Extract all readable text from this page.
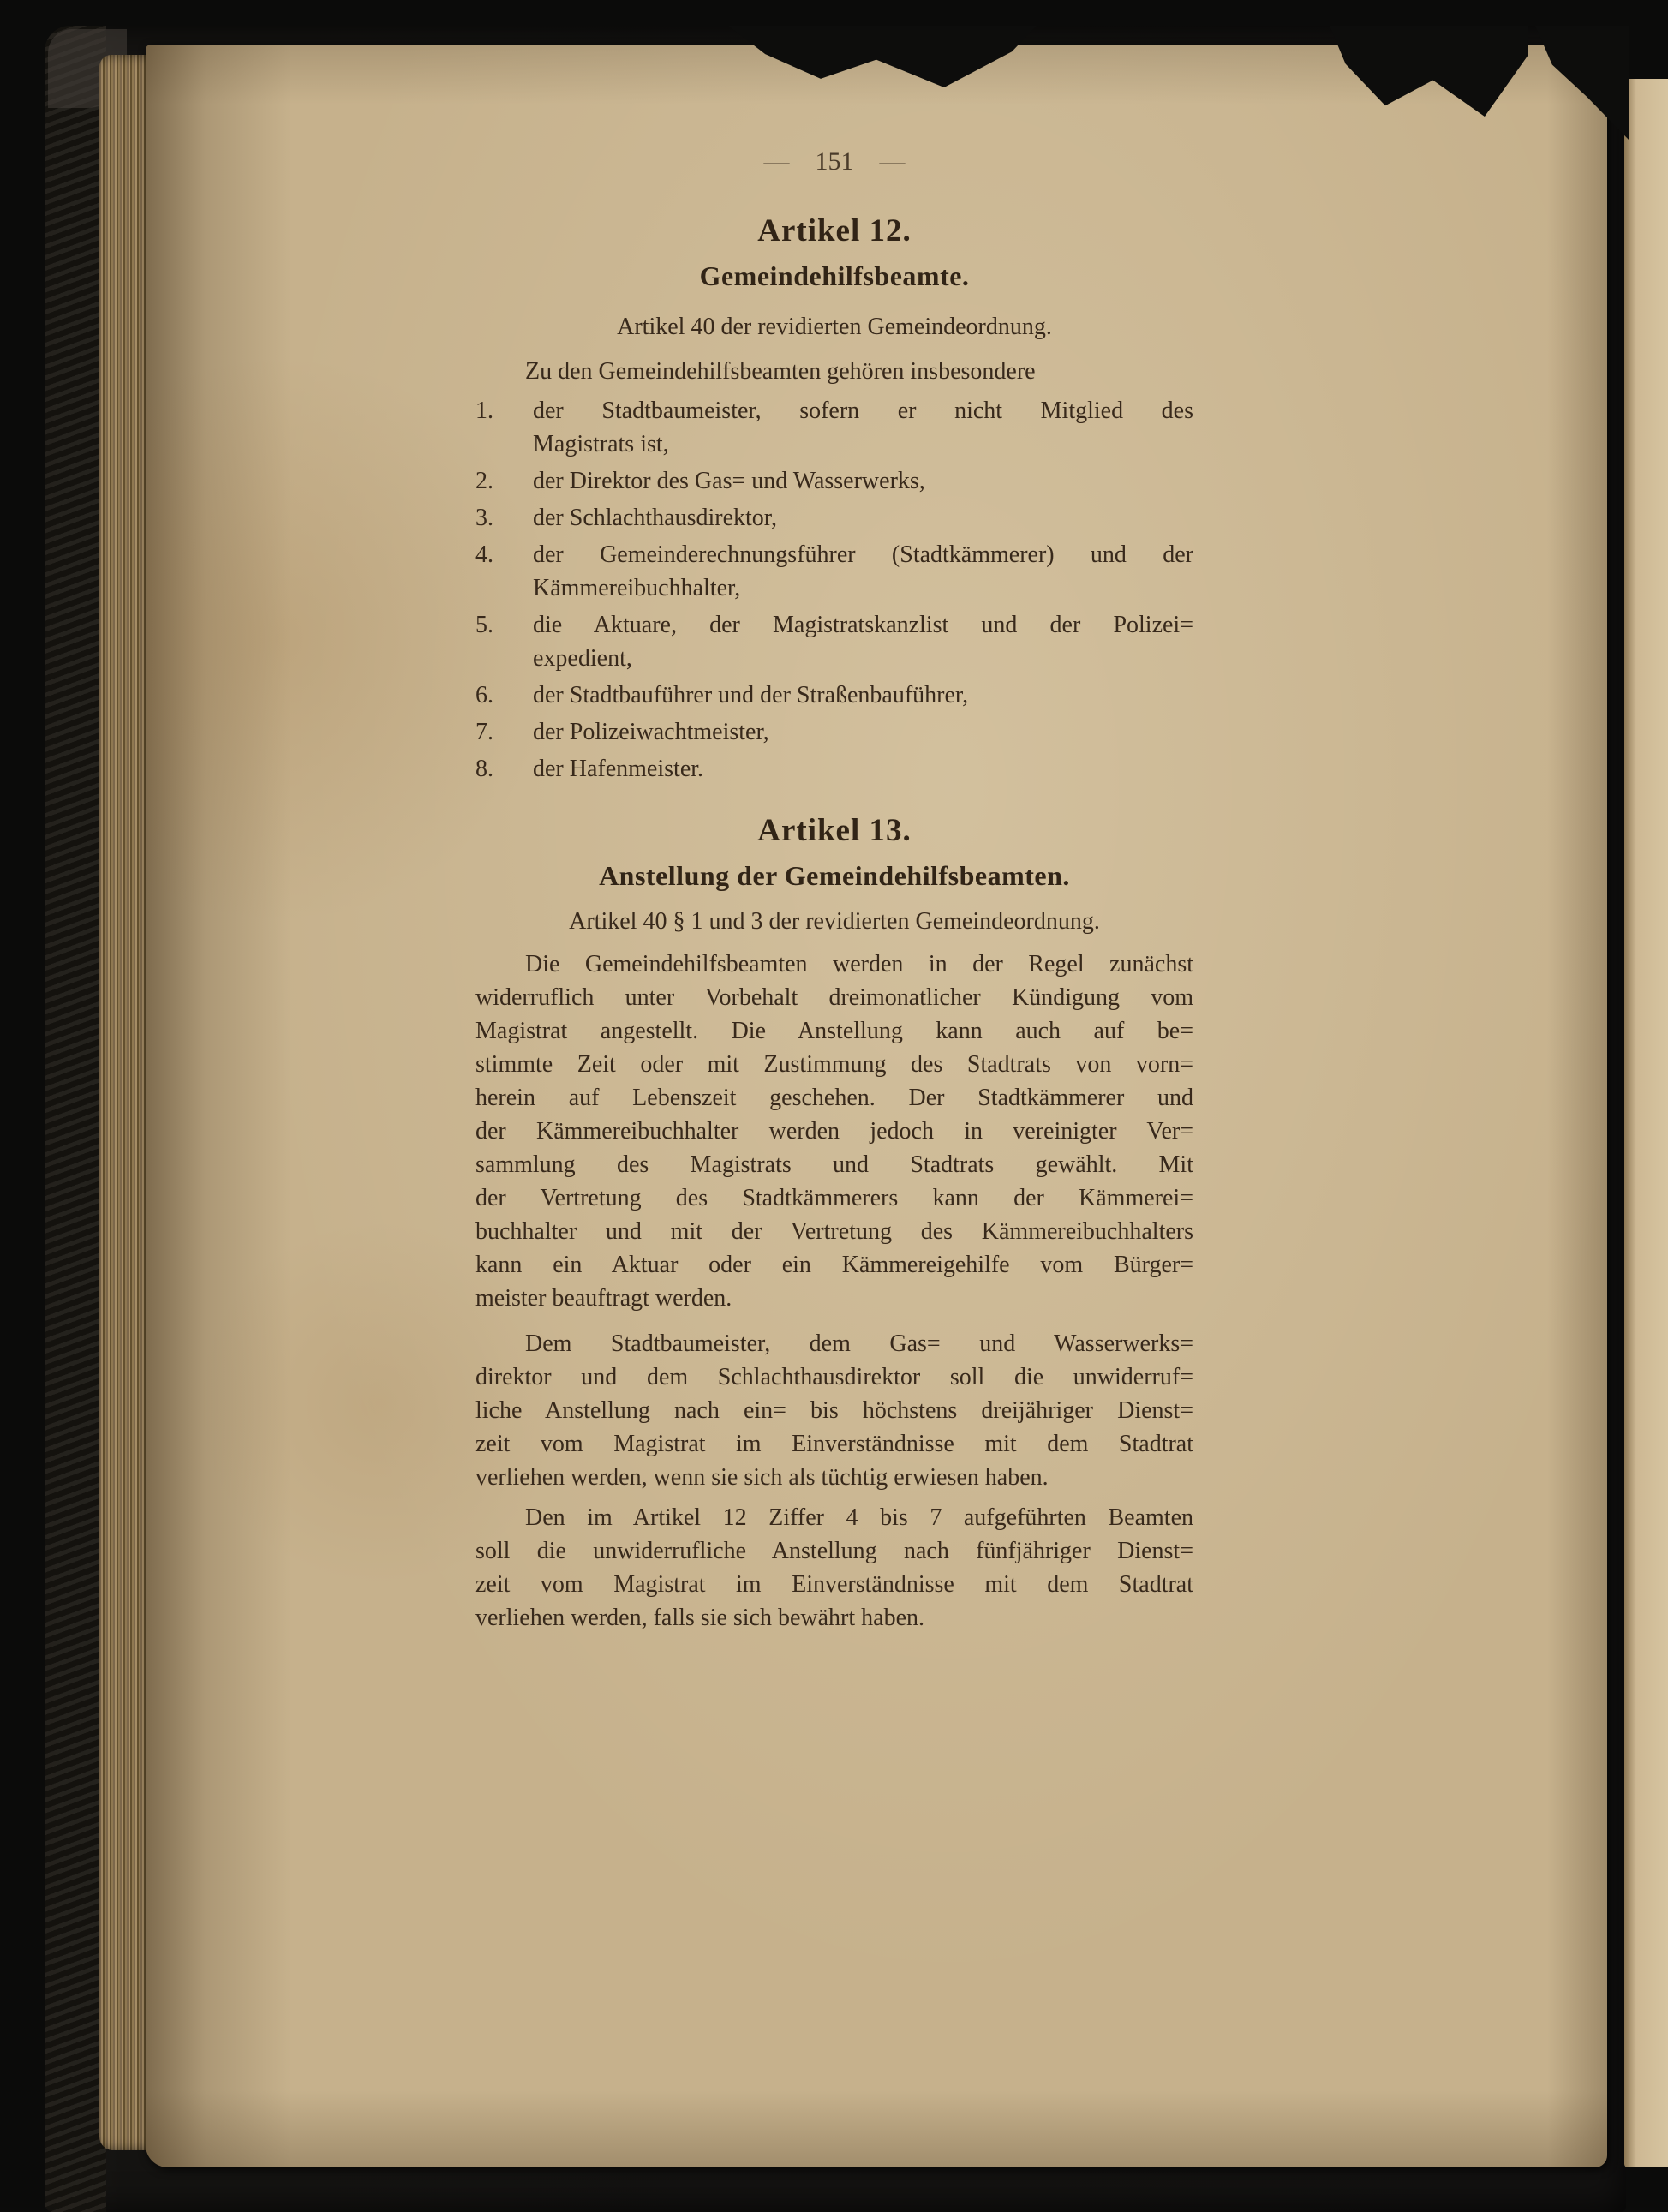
— 151 —
Artikel 12.
Gemeindehilfsbeamte.
Artikel 40 der revidierten Gemeindeordnung.
Zu den Gemeindehilfsbeamten gehören insbesondere
1.	der Stadtbaumeister, sofern er nicht Mitglied des
Magistrats ist,
2.	der Direktor des Gas= und Wasserwerks,
3.	der Schlachthausdirektor,
4.	der Gemeinderechnungsführer (Stadtkämmerer) und der
Kämmereibuchhalter,
5.	die Aktuare, der Magistratskanzlist und der Polizei=
expedient,
6.	der Stadtbauführer und der Straßenbauführer,
7.	der Polizeiwachtmeister,
8.	der Hafenmeister.
Artikel 13.
Anstellung der Gemeindehilfsbeamten.
Artikel 40 § 1 und 3 der revidierten Gemeindeordnung.
Die Gemeindehilfsbeamten werden in der Regel zunächst
widerruflich unter Vorbehalt dreimonatlicher Kündigung vom
Magistrat angestellt. Die Anstellung kann auch auf be=
stimmte Zeit oder mit Zustimmung des Stadtrats von vorn=
herein auf Lebenszeit geschehen. Der Stadtkämmerer und
der Kämmereibuchhalter werden jedoch in vereinigter Ver=
sammlung des Magistrats und Stadtrats gewählt. Mit
der Vertretung des Stadtkämmerers kann der Kämmerei=
buchhalter und mit der Vertretung des Kämmereibuchhalters
kann ein Aktuar oder ein Kämmereigehilfe vom Bürger=
meister beauftragt werden.
Dem Stadtbaumeister, dem Gas= und Wasserwerks=
direktor und dem Schlachthausdirektor soll die unwiderruf=
liche Anstellung nach ein= bis höchstens dreijähriger Dienst=
zeit vom Magistrat im Einverständnisse mit dem Stadtrat
verliehen werden, wenn sie sich als tüchtig erwiesen haben.
Den im Artikel 12 Ziffer 4 bis 7 aufgeführten Beamten
soll die unwiderrufliche Anstellung nach fünfjähriger Dienst=
zeit vom Magistrat im Einverständnisse mit dem Stadtrat
verliehen werden, falls sie sich bewährt haben.
